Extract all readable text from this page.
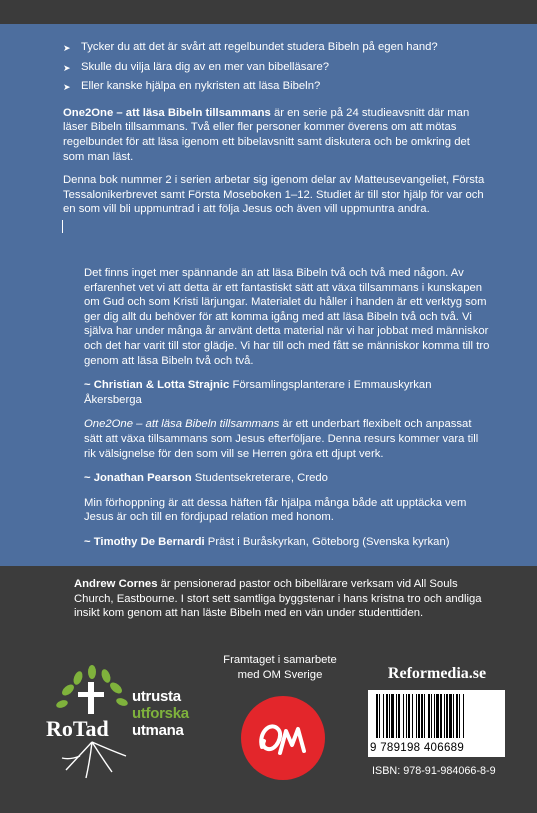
➤ Tycker du att det är svårt att regelbundet studera Bibeln på egen hand?
➤ Skulle du vilja lära dig av en mer van bibelläsare?
➤ Eller kanske hjälpa en nykristen att läsa Bibeln?

One2One – att läsa Bibeln tillsammans är en serie på 24 studieavsnitt där man läser Bibeln tillsammans. Två eller fler personer kommer överens om att mötas regelbundet för att läsa igenom ett bibelavsnitt samt diskutera och be omkring det som man läst.

Denna bok nummer 2 i serien arbetar sig igenom delar av Matteusevangeliet, Första Tessalonikerbrevet samt Första Moseboken 1–12. Studiet är till stor hjälp för var och en som vill bli uppmuntrad i att följa Jesus och även vill uppmuntra andra.

Det finns inget mer spännande än att läsa Bibeln två och två med någon. Av erfarenhet vet vi att detta är ett fantastiskt sätt att växa tillsammans i kunskapen om Gud och som Kristi lärjungar. Materialet du håller i handen är ett verktyg som ger dig allt du behöver för att komma igång med att läsa Bibeln två och två. Vi själva har under många år använt detta material när vi har jobbat med människor och det har varit till stor glädje. Vi har till och med fått se människor komma till tro genom att läsa Bibeln två och två.

~ Christian & Lotta Strajnic Församlingsplanterare i Emmauskyrkan Åkersberga

One2One – att läsa Bibeln tillsammans är ett underbart flexibelt och anpassat sätt att växa tillsammans som Jesus efterföljare. Denna resurs kommer vara till rik välsignelse för den som vill se Herren göra ett djupt verk.

~ Jonathan Pearson Studentsekreterare, Credo

Min förhoppning är att dessa häften får hjälpa många både att upptäcka vem Jesus är och till en fördjupad relation med honom.

~ Timothy De Bernardi Präst i Buråskyrkan, Göteborg (Svenska kyrkan)

Andrew Cornes är pensionerad pastor och bibellärare verksam vid All Souls Church, Eastbourne. I stort sett samtliga byggstenar i hans kristna tro och andliga insikt kom genom att han läste Bibeln med en vän under studenttiden.
Framtaget i samarbete
med OM Sverige
RoTad
utrusta
utforska
utmana
Reformedia.se
9 789198 406689
ISBN: 978-91-984066-8-9
